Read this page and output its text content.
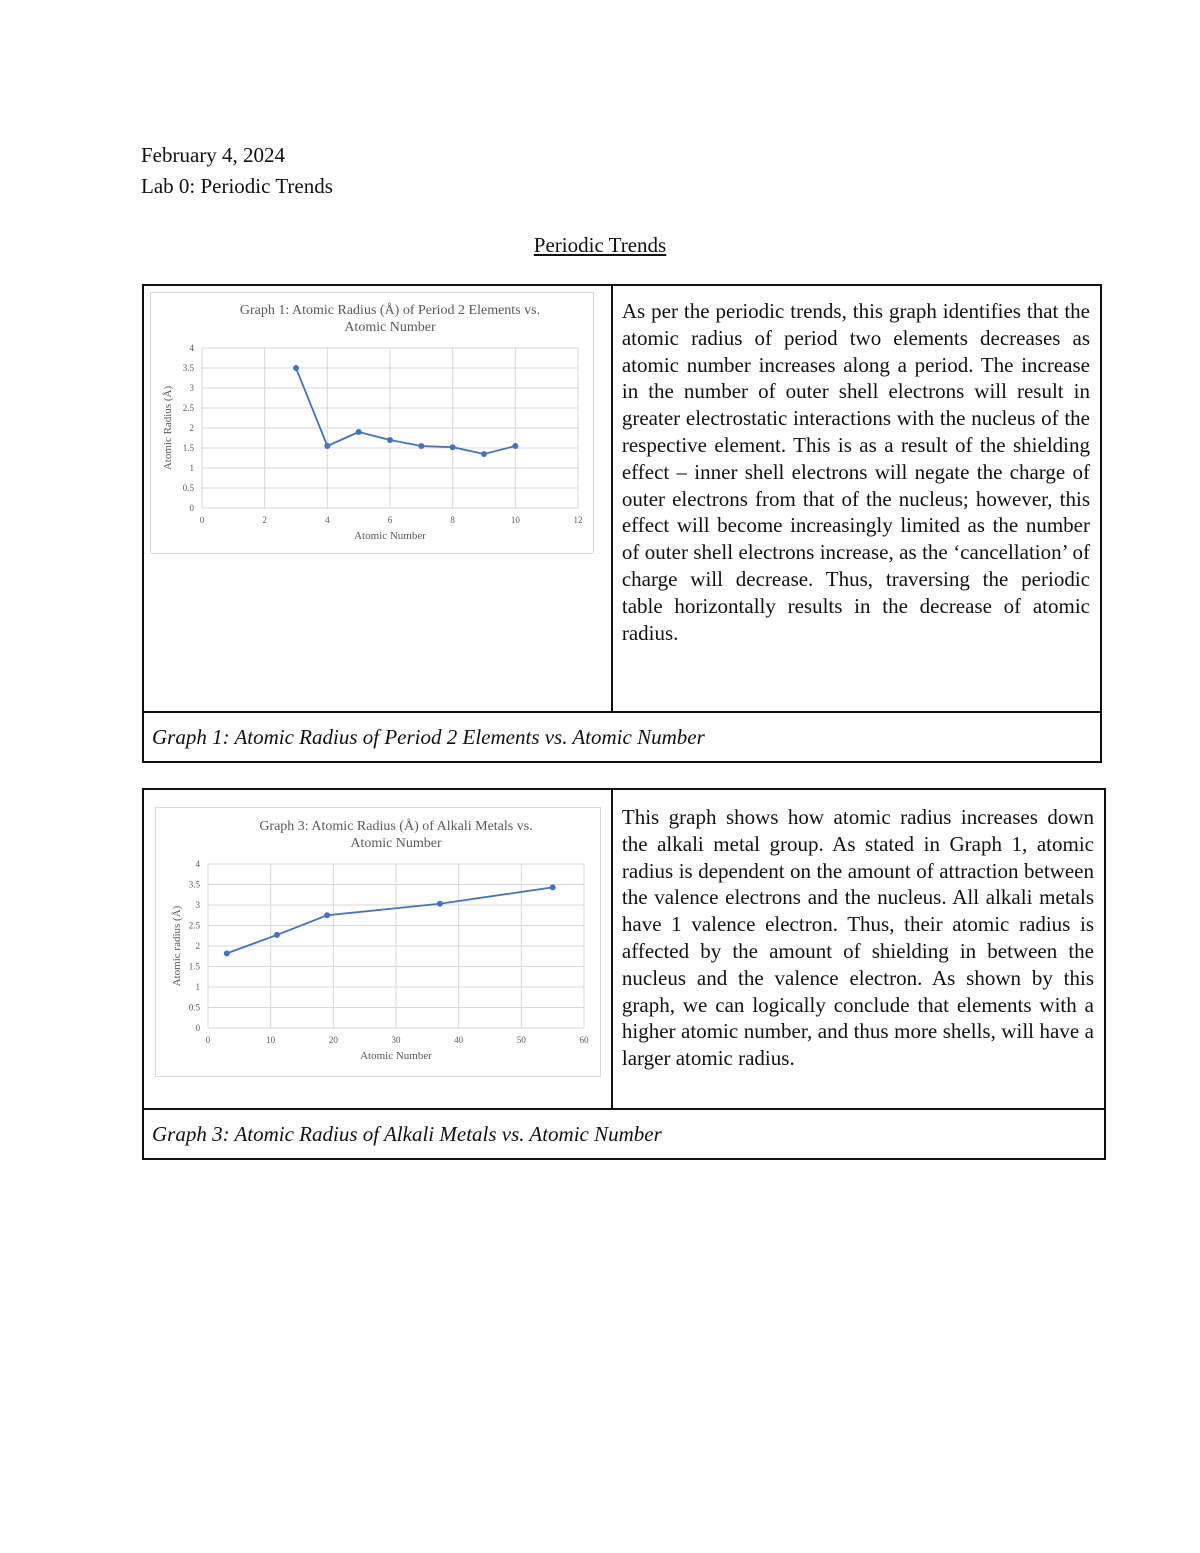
February 4, 2024
Lab 0: Periodic Trends
Periodic Trends
Graph 1: Atomic Radius (Å) of Period 2 Elements vs.
Atomic Number
0
0.5
1
1.5
2
2.5
3
3.5
4
0	2	4	6	8	10	12
Atomic Number
Atomic Radius (Å)

As per the periodic trends, this graph identifies that the atomic radius of period two elements decreases as atomic number increases along a period. The increase in the number of outer shell electrons will result in greater electrostatic interactions with the nucleus of the respective element. This is as a result of the shielding effect – inner shell electrons will negate the charge of outer electrons from that of the nucleus; however, this effect will become increasingly limited as the number of outer shell electrons increase, as the ‘cancellation’ of charge will decrease. Thus, traversing the periodic table horizontally results in the decrease of atomic radius.

Graph 1: Atomic Radius of Period 2 Elements vs. Atomic Number
Graph 3: Atomic Radius (Å) of Alkali Metals vs.
Atomic Number
0
0.5
1
1.5
2
2.5
3
3.5
4
0	10	20	30	40	50	60
Atomic Number
Atomic radius (Å)

This graph shows how atomic radius increases down the alkali metal group. As stated in Graph 1, atomic radius is dependent on the amount of attraction between the valence electrons and the nucleus. All alkali metals have 1 valence electron. Thus, their atomic radius is affected by the amount of shielding in between the nucleus and the valence electron. As shown by this graph, we can logically conclude that elements with a higher atomic number, and thus more shells, will have a larger atomic radius.

Graph 3: Atomic Radius of Alkali Metals vs. Atomic Number
